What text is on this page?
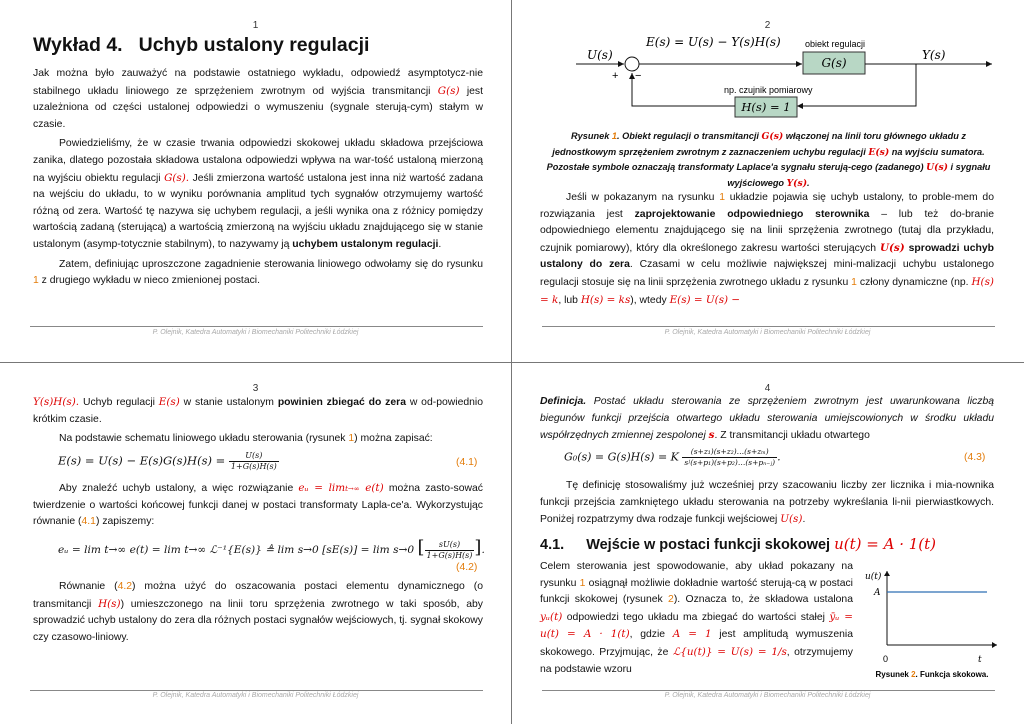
1
Wykład 4. Uchyb ustalony regulacji

Jak można było zauważyć na podstawie ostatniego wykładu, odpowiedź asymptotycz-nie stabilnego układu liniowego ze sprzężeniem zwrotnym od wyjścia transmitancji G(s) jest uzależniona od części ustalonej odpowiedzi o wymuszeniu (sygnale sterują-cym) stałym w czasie.

Powiedzieliśmy, że w czasie trwania odpowiedzi skokowej układu składowa przejściowa zanika, dlatego pozostała składowa ustalona odpowiedzi wpływa na war-tość ustaloną mierzoną na wyjściu obiektu regulacji G(s). Jeśli zmierzona wartość ustalona jest inna niż wartość zadana na wejściu do układu, to w wyniku porównania amplitud tych sygnałów otrzymujemy wartość różną od zera. Wartość tę nazywa się uchybem regulacji, a jeśli wynika ona z różnicy pomiędzy wartością zadaną (sterującą) a wartością zmierzoną na wyjściu układu znajdującego się w stanie ustalonym (asymp-totycznie stabilnym), to nazywamy ją uchybem ustalonym regulacji.

Zatem, definiując uproszczone zagadnienie sterowania liniowego odwołamy się do rysunku 1 z drugiego wykładu w nieco zmienionej postaci.

P. Olejnik, Katedra Automatyki i Biomechaniki Politechniki Łódzkiej
2
U(s)
+ −
E(s) = U(s) − Y(s)H(s)	obiekt regulacji
G(s)
Y(s)
np. czujnik pomiarowy
H(s) = 1
Rysunek 1. Obiekt regulacji o transmitancji G(s) włączonej na linii toru głównego układu z jednostkowym sprzężeniem zwrotnym z zaznaczeniem uchybu regulacji E(s) na wyjściu sumatora. Pozostałe symbole oznaczają transformaty Laplace'a sygnału sterują-cego (zadanego) U(s) i sygnału wyjściowego Y(s).

Jeśli w pokazanym na rysunku 1 układzie pojawia się uchyb ustalony, to proble-mem do rozwiązania jest zaprojektowanie odpowiedniego sterownika – lub też do-branie odpowiedniego elementu znajdującego się na linii sprzężenia zwrotnego (tutaj dla przykładu, czujnik pomiarowy), który dla określonego zakresu wartości sterujących U(s) sprowadzi uchyb ustalony do zera. Czasami w celu możliwie największej mini-malizacji uchybu ustalonego regulacji stosuje się na linii sprzężenia zwrotnego układu z rysunku 1 człony dynamiczne (np. H(s) = k, lub H(s) = ks), wtedy E(s) = U(s) −

P. Olejnik, Katedra Automatyki i Biomechaniki Politechniki Łódzkiej
3

Y(s)H(s). Uchyb regulacji E(s) w stanie ustalonym powinien zbiegać do zera w od-powiednio krótkim czasie.

Na podstawie schematu liniowego układu sterowania (rysunek 1) można zapisać:

$E(s) = U(s) - E(s)G(s)H(s) = \frac{U(s)}{1+G(s)H(s)}$	(4.1)

Aby znaleźć uchyb ustalony, a więc rozwiązanie eᵤ = limt→∞ e(t) można zasto-sować twierdzenie o wartości końcowej funkcji danej w postaci transformaty Lapla-ce'a. Wykorzystując równanie (4.1) zapiszemy:

eᵤ = lim t→∞ e(t) = lim t→∞ ℒ⁻¹{E(s)} ≜ lim s→0 [sE(s)] = lim s→0 [ $\frac{sU(s)}{1+G(s)H(s)}$ ].
(4.2)

Równanie (4.2) można użyć do oszacowania postaci elementu dynamicznego (o transmitancji H(s)) umieszczonego na linii toru sprzężenia zwrotnego w taki sposób, aby sprowadzić uchyb ustalony do zera dla różnych postaci sygnałów wejściowych, tj. sygnał skokowy czy czasowo-liniowy.

P. Olejnik, Katedra Automatyki i Biomechaniki Politechniki Łódzkiej
4

Definicja. Postać układu sterowania ze sprzężeniem zwrotnym jest uwarunkowana liczbą biegunów funkcji przejścia otwartego układu sterowania umiejscowionych w środku układu współrzędnych zmiennej zespolonej s. Z transmitancji układu otwartego

G₀(s) = G(s)H(s) = K $\frac{\text{(s+z₁)(s+z₂)…(s+zₘ)}}{\text{sʲ(s+p₁)(s+p₂)…(s+pₙ₋ⱼ)}}$ .	(4.3)

Tę definicję stosowaliśmy już wcześniej przy szacowaniu liczby zer licznika i mia-nownika funkcji przejścia zamkniętego układu sterowania na potrzeby wykreślania li-nii pierwiastkowych. Poniżej rozpatrzymy dwa rodzaje funkcji wejściowej U(s).

4.1. Wejście w postaci funkcji skokowej u(t) = A · 1(t)

Celem sterowania jest spowodowanie, aby układ pokazany na rysunku 1 osiągnął możliwie dokładnie wartość sterują-cą w postaci funkcji skokowej (rysunek 2). Oznacza to, że składowa ustalona yᵤ(t) odpowiedzi tego układu ma zbiegać do wartości stałej ȳᵤ = u(t) = A · 1(t), gdzie A = 1 jest amplitudą wymuszenia skokowego. Przyjmując, że ℒ{u(t)} = U(s) = 1/s, otrzymujemy na podstawie wzoru

u(t)
A
0	t
Rysunek 2. Funkcja skokowa.
P. Olejnik, Katedra Automatyki i Biomechaniki Politechniki Łódzkiej
